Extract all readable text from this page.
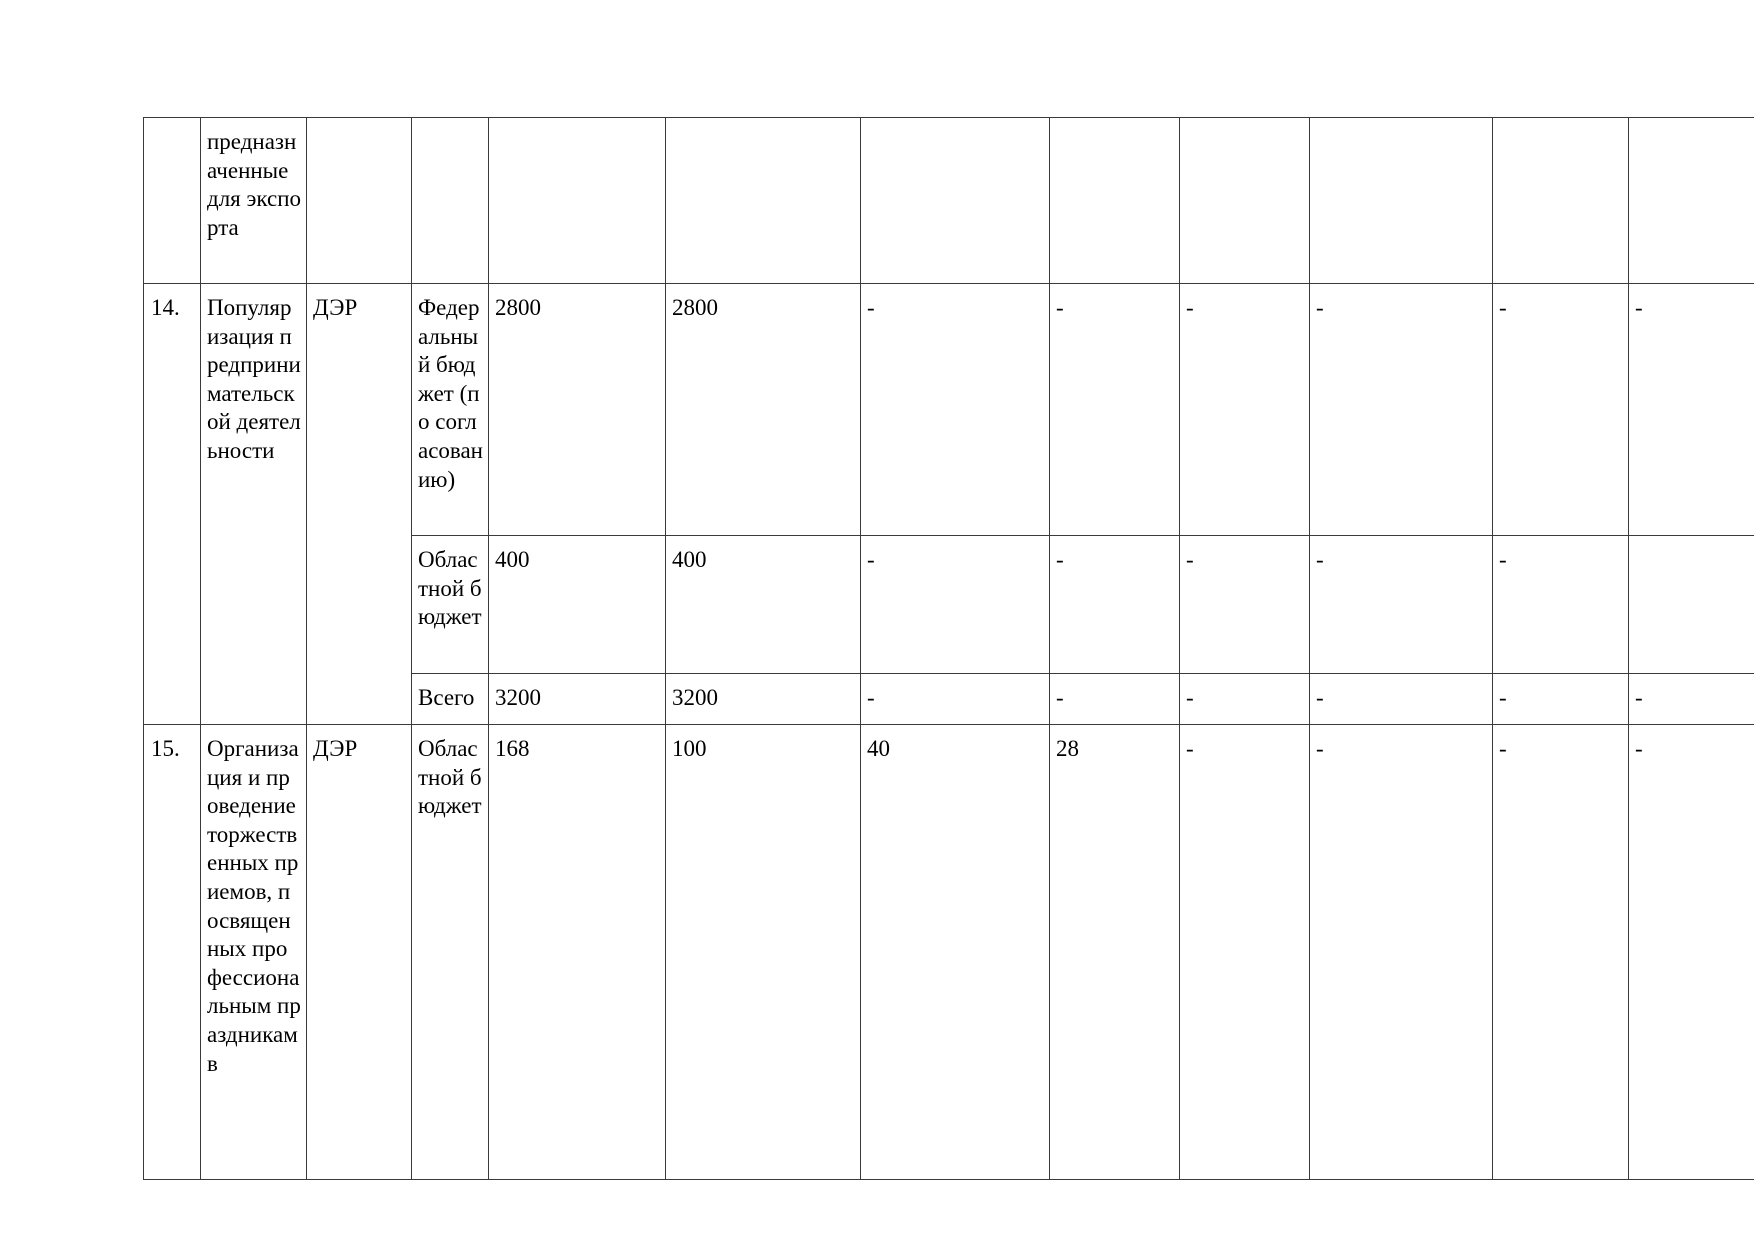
	предназначенные для экспорта										

14.	Популяризация предпринимательской деятельности	ДЭР	Федеральный бюджет (по согласованию)	2800	2800	-	-	-	-	-	-

			Областной бюджет	400	400	-	-	-	-	-	

			Всего	3200	3200	-	-	-	-	-	-
15.	Организация и проведение торжественных приемов, посвященных профессиональным праздникам в	ДЭР	Областной бюджет	168	100	40	28	-	-	-	-
